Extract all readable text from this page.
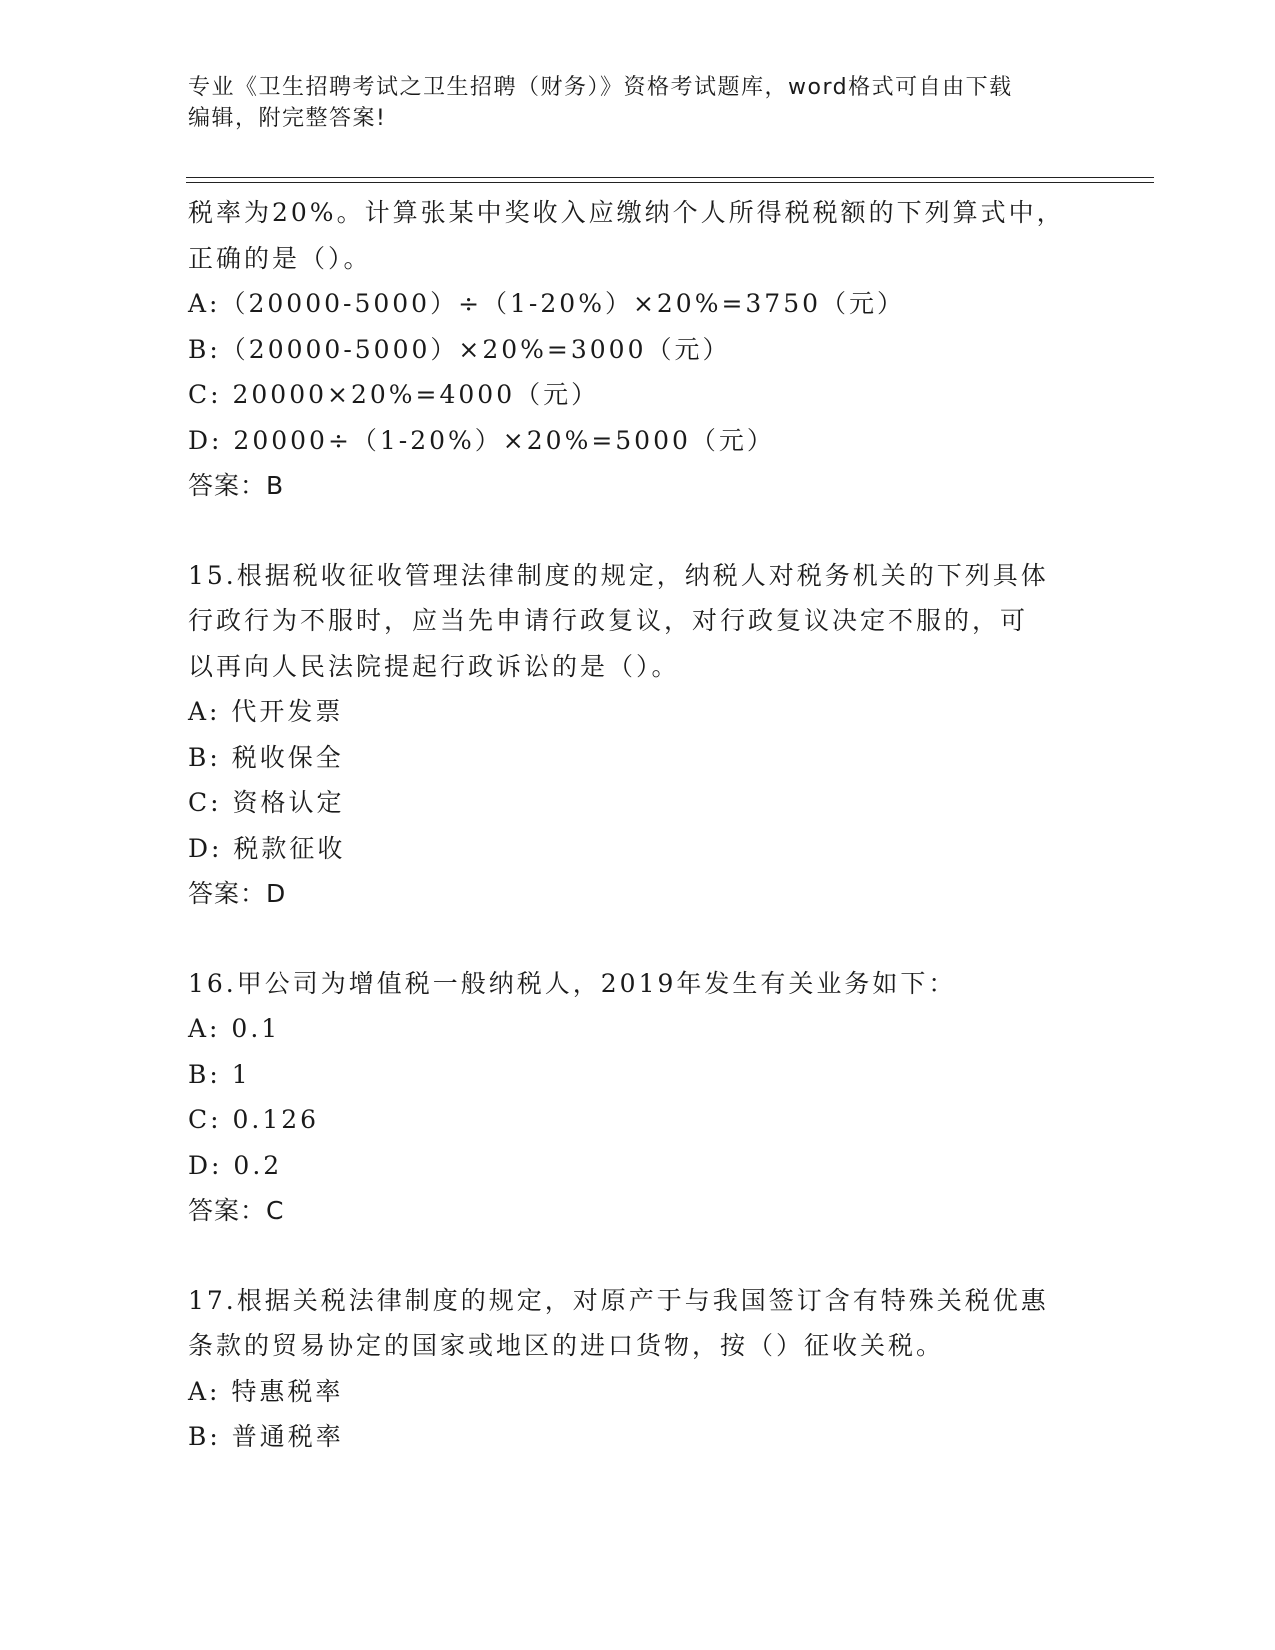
专业《卫生招聘考试之卫生招聘（财务）》资格考试题库，word格式可自由下载
编辑，附完整答案!
税率为20%。计算张某中奖收入应缴纳个人所得税税额的下列算式中，
正确的是（）。
A:（20000-5000）÷（1-20%）×20%=3750（元）
B:（20000-5000）×20%=3000（元）
C: 20000×20%=4000（元）
D: 20000÷（1-20%）×20%=5000（元）
答案：B
15.根据税收征收管理法律制度的规定，纳税人对税务机关的下列具体
行政行为不服时，应当先申请行政复议，对行政复议决定不服的，可
以再向人民法院提起行政诉讼的是（）。
A: 代开发票
B: 税收保全
C: 资格认定
D: 税款征收
答案：D
16.甲公司为增值税一般纳税人，2019年发生有关业务如下：
A: 0.1
B: 1
C: 0.126
D: 0.2
答案：C
17.根据关税法律制度的规定，对原产于与我国签订含有特殊关税优惠
条款的贸易协定的国家或地区的进口货物，按（）征收关税。
A: 特惠税率
B: 普通税率
